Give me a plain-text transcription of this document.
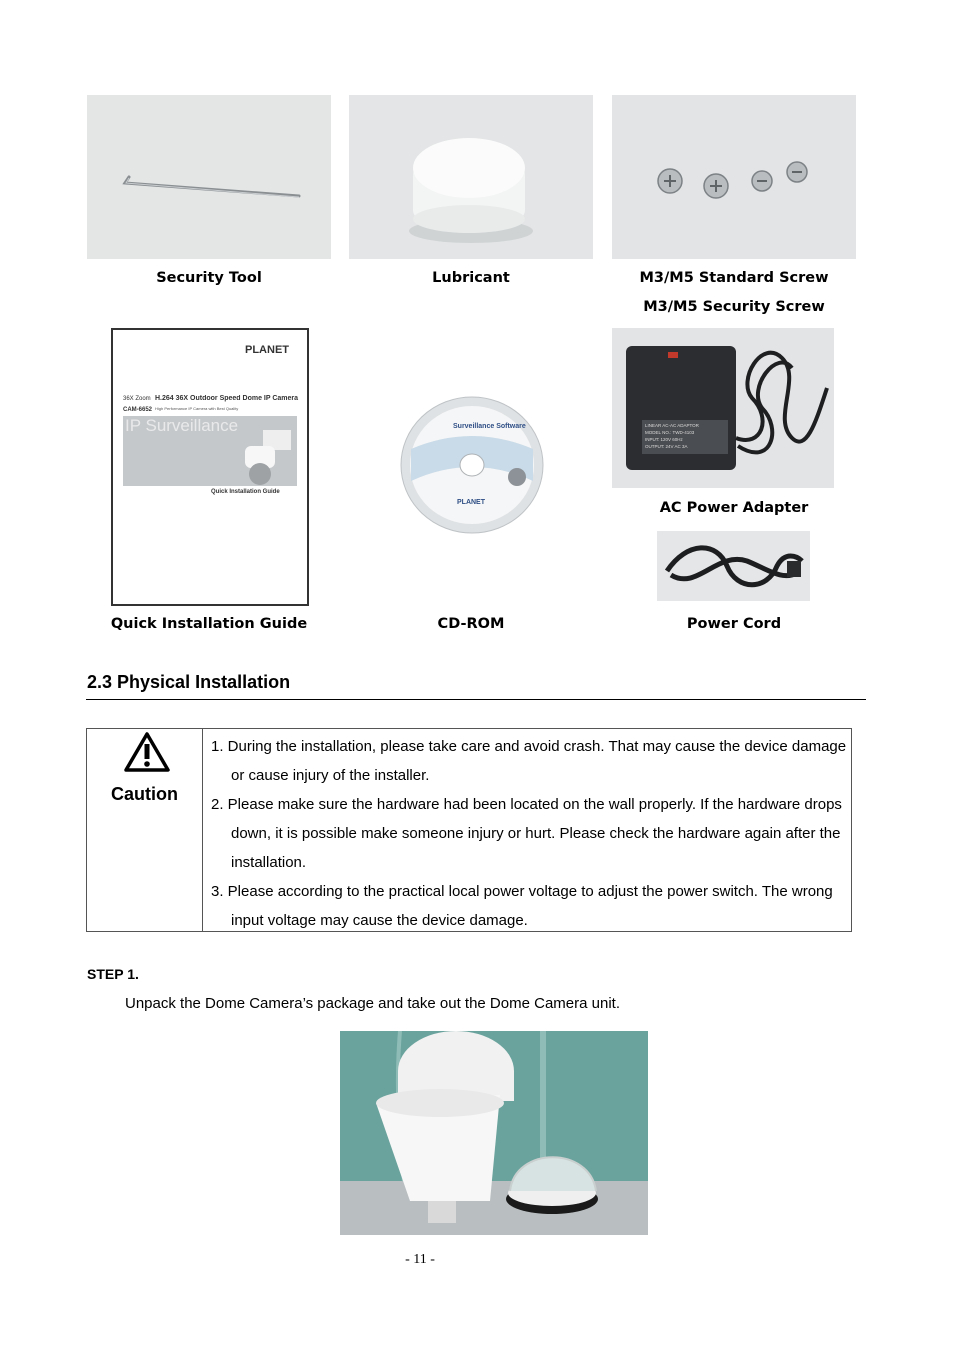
Security Tool	Lubricant	M3/M5 Standard Screw
M3/M5 Security Screw
PLANET
36X Zoom
CAM-6652
H.264 36X Outdoor Speed Dome IP Camera
High Performance IP Camera with Best Quality
IP Surveillance
Quick Installation Guide
Quick Installation Guide
Surveillance Software
PLANET
CD-ROM
LINEAR AC-AC ADAPTOR
MODEL NO.: TWD-4103
INPUT: 120V 60Hz
OUTPUT: 24V AC 3A
AC Power Adapter
Power Cord
2.3 Physical Installation
Caution
1. During the installation, please take care and avoid crash. That may cause the device damage or cause injury of the installer.
2. Please make sure the hardware had been located on the wall properly. If the hardware drops down, it is possible make someone injury or hurt. Please check the hardware again after the installation.
3. Please according to the practical local power voltage to adjust the power switch. The wrong input voltage may cause the device damage.
STEP 1.
Unpack the Dome Camera’s package and take out the Dome Camera unit.
- 11 -
